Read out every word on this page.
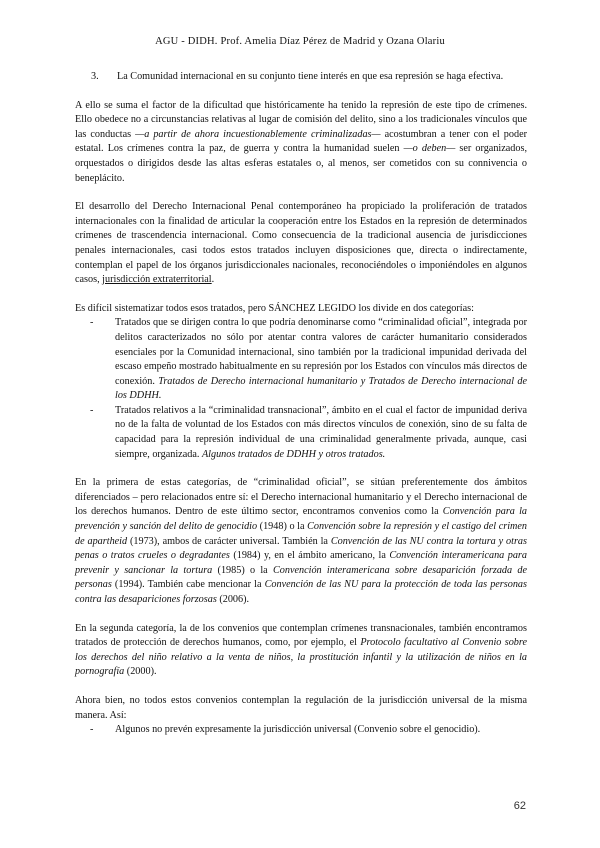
AGU - DIDH. Prof. Amelia Díaz Pérez de Madrid y Ozana Olariu
3.	La Comunidad internacional en su conjunto tiene interés en que esa represión se haga efectiva.

A ello se suma el factor de la dificultad que históricamente ha tenido la represión de este tipo de crímenes. Ello obedece no a circunstancias relativas al lugar de comisión del delito, sino a los tradicionales vínculos que las conductas —a partir de ahora incuestionablemente criminalizadas— acostumbran a tener con el poder estatal. Los crímenes contra la paz, de guerra y contra la humanidad suelen —o deben— ser organizados, orquestados o dirigidos desde las altas esferas estatales o, al menos, ser cometidos con su connivencia o beneplácito.

El desarrollo del Derecho Internacional Penal contemporáneo ha propiciado la proliferación de tratados internacionales con la finalidad de articular la cooperación entre los Estados en la represión de determinados crímenes de trascendencia internacional. Como consecuencia de la tradicional ausencia de jurisdicciones penales internacionales, casi todos estos tratados incluyen disposiciones que, directa o indirectamente, contemplan el papel de los órganos jurisdiccionales nacionales, reconociéndoles o imponiéndoles en algunos casos, jurisdicción extraterritorial.

Es difícil sistematizar todos esos tratados, pero SÁNCHEZ LEGIDO los divide en dos categorías:

-	Tratados que se dirigen contra lo que podría denominarse como “criminalidad oficial”, integrada por delitos caracterizados no sólo por atentar contra valores de carácter humanitario considerados esenciales por la Comunidad internacional, sino también por la tradicional impunidad derivada del escaso empeño mostrado habitualmente en su represión por los Estados con vínculos más directos de conexión. Tratados de Derecho internacional humanitario y Tratados de Derecho internacional de los DDHH.
-	Tratados relativos a la “criminalidad transnacional”, ámbito en el cual el factor de impunidad deriva no de la falta de voluntad de los Estados con más directos vínculos de conexión, sino de su falta de capacidad para la represión individual de una criminalidad generalmente privada, aunque, casi siempre, organizada. Algunos tratados de DDHH y otros tratados.

En la primera de estas categorías, de “criminalidad oficial”, se sitúan preferentemente dos ámbitos diferenciados – pero relacionados entre sí: el Derecho internacional humanitario y el Derecho internacional de los derechos humanos. Dentro de este último sector, encontramos convenios como la Convención para la prevención y sanción del delito de genocidio (1948) o la Convención sobre la represión y el castigo del crimen de apartheid (1973), ambos de carácter universal. También la Convención de las NU contra la tortura y otras penas o tratos crueles o degradantes (1984) y, en el ámbito americano, la Convención interamericana para prevenir y sancionar la tortura (1985) o la Convención interamericana sobre desaparición forzada de personas (1994). También cabe mencionar la Convención de las NU para la protección de toda las personas contra las desapariciones forzosas (2006).

En la segunda categoría, la de los convenios que contemplan crímenes transnacionales, también encontramos tratados de protección de derechos humanos, como, por ejemplo, el Protocolo facultativo al Convenio sobre los derechos del niño relativo a la venta de niños, la prostitución infantil y la utilización de niños en la pornografía (2000).

Ahora bien, no todos estos convenios contemplan la regulación de la jurisdicción universal de la misma manera. Así:

-	Algunos no prevén expresamente la jurisdicción universal (Convenio sobre el genocidio).
62
